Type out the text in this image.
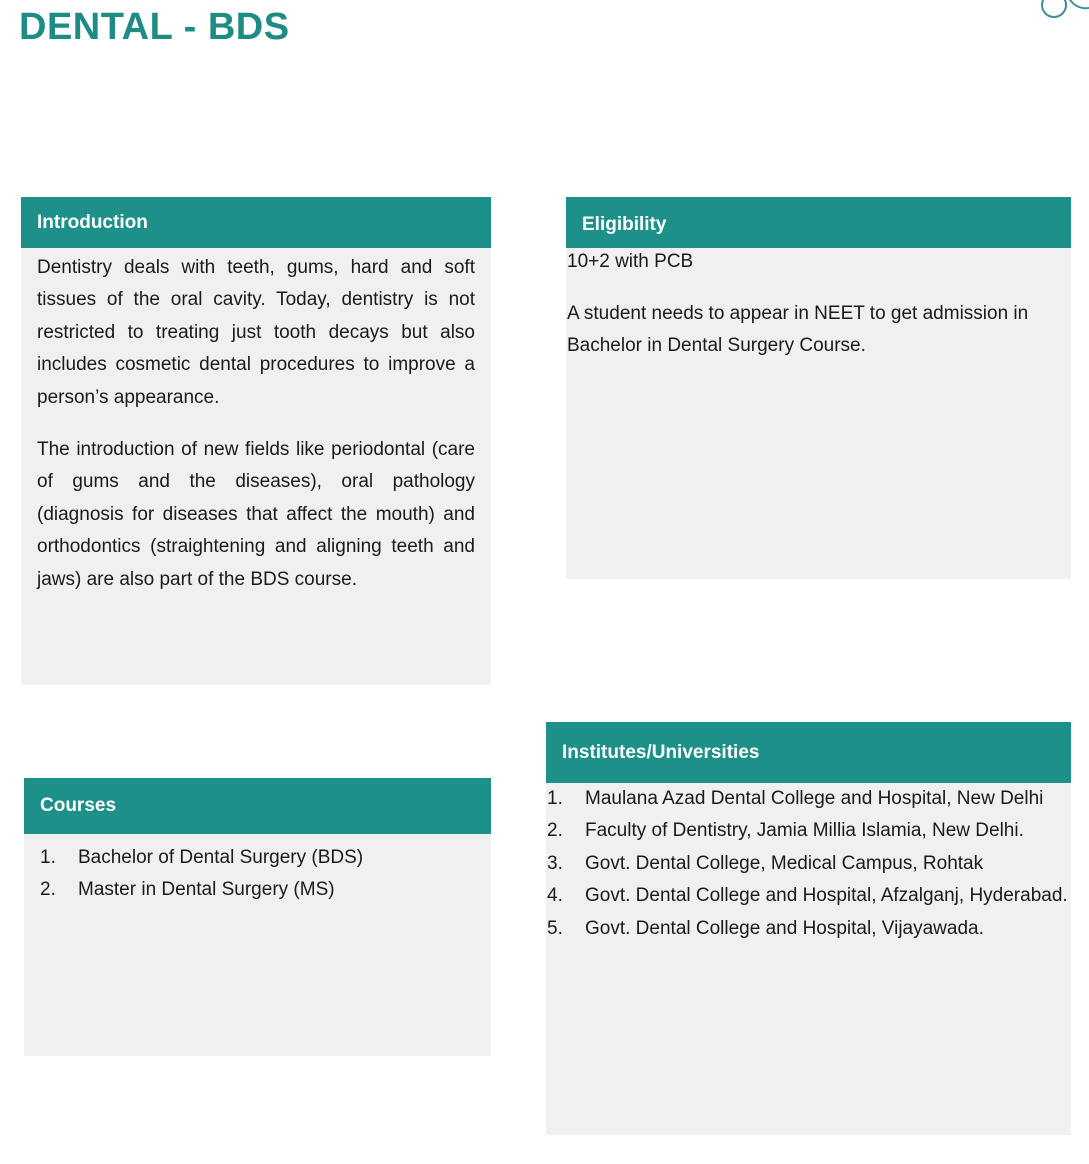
DENTAL - BDS
Introduction

Dentistry deals with teeth, gums, hard and soft tissues of the oral cavity. Today, dentistry is not restricted to treating just tooth decays but also includes cosmetic dental procedures to improve a person’s appearance.

The introduction of new fields like periodontal (care of gums and the diseases), oral pathology (diagnosis for diseases that affect the mouth) and orthodontics (straightening and aligning teeth and jaws) are also part of the BDS course.

Eligibility

10+2 with PCB

A student needs to appear in NEET to get admission in Bachelor in Dental Surgery Course.

Courses
1.	Bachelor of Dental Surgery (BDS)
2.	Master in Dental Surgery (MS)
Institutes/Universities
1.	Maulana Azad Dental College and Hospital, New Delhi
2.	Faculty of Dentistry, Jamia Millia Islamia, New Delhi.
3.	Govt. Dental College, Medical Campus, Rohtak
4.	Govt. Dental College and Hospital, Afzalganj, Hyderabad.
5.	Govt. Dental College and Hospital, Vijayawada.
